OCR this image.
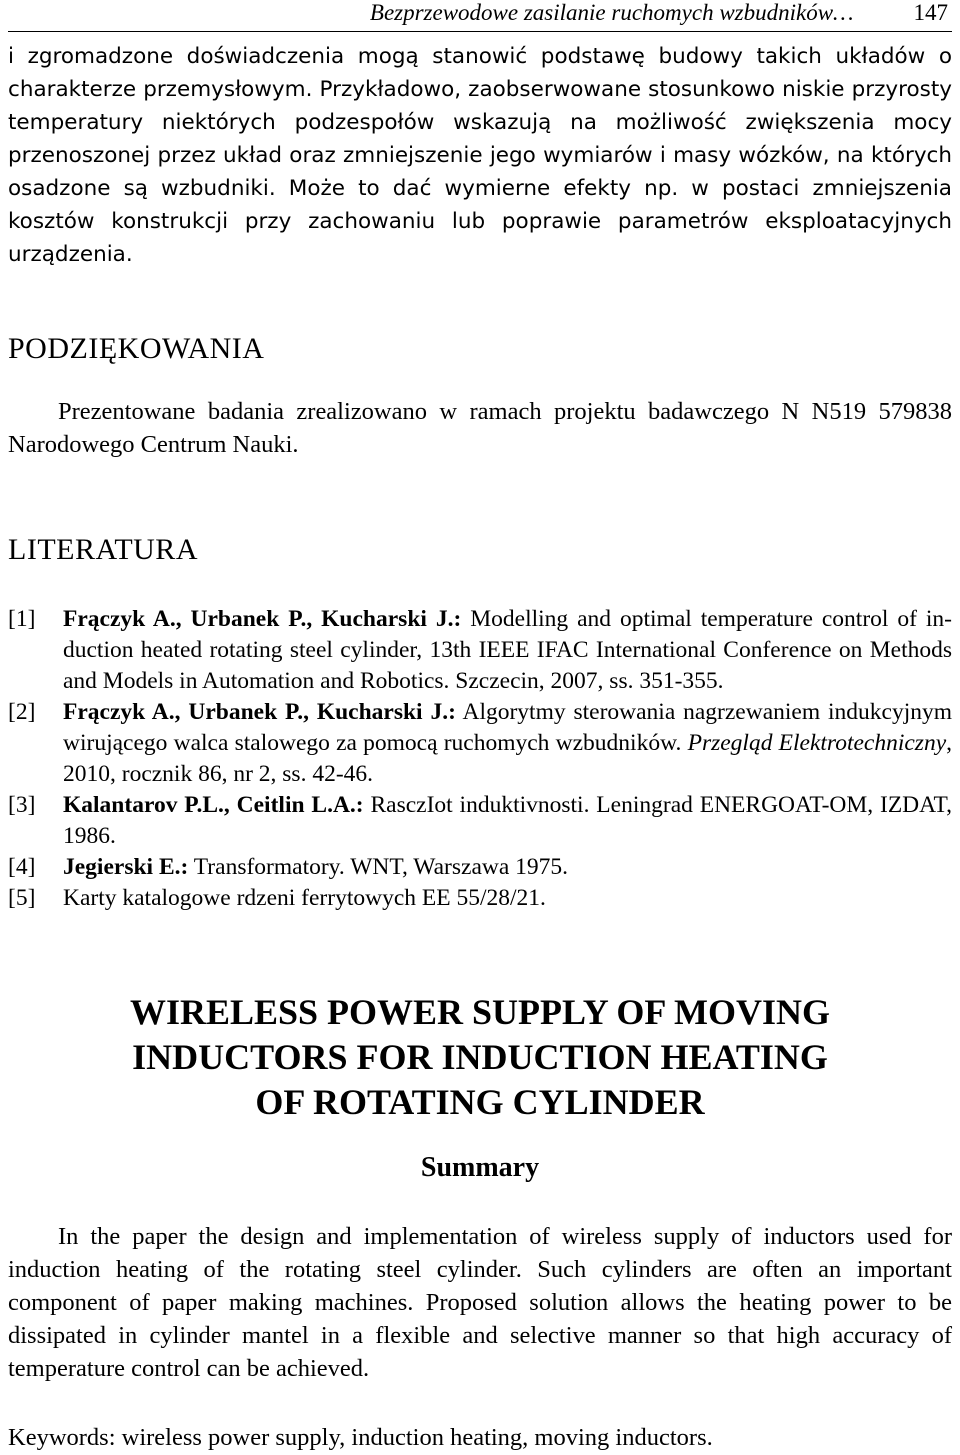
Bezprzewodowe zasilanie ruchomych wzbudników…	147

i zgromadzone doświadczenia mogą stanowić podstawę budowy takich układów o charakterze przemysłowym. Przykładowo, zaobserwowane stosunkowo niskie przyrosty temperatury niektórych podzespołów wskazują na możliwość zwiększenia mocy przenoszonej przez układ oraz zmniejszenie jego wymiarów i masy wózków, na których osadzone są wzbudniki. Może to dać wymierne efekty np. w postaci zmniejszenia kosztów konstrukcji przy zachowaniu lub poprawie parametrów eksploatacyjnych urządzenia.

PODZIĘKOWANIA

Prezentowane badania zrealizowano w ramach projektu badawczego N N519 579838 Narodowego Centrum Nauki.

LITERATURA
[1]	Frączyk A., Urbanek P., Kucharski J.: Modelling and optimal temperature control of in-duction heated rotating steel cylinder, 13th IEEE IFAC International Conference on Methods and Models in Automation and Robotics. Szczecin, 2007, ss. 351-355.
[2]	Frączyk A., Urbanek P., Kucharski J.: Algorytmy sterowania nagrzewaniem indukcyjnym wirującego walca stalowego za pomocą ruchomych wzbudników. Przegląd Elektrotechniczny, 2010, rocznik 86, nr 2, ss. 42-46.
[3]	Kalantarov P.L., Ceitlin L.A.: RasczIot induktivnosti. Leningrad ENERGOAT-OM, IZDAT, 1986.
[4]	Jegierski E.: Transformatory. WNT, Warszawa 1975.
[5]	Karty katalogowe rdzeni ferrytowych EE 55/28/21.
WIRELESS POWER SUPPLY OF MOVING
INDUCTORS FOR INDUCTION HEATING
OF ROTATING CYLINDER
Summary

In the paper the design and implementation of wireless supply of inductors used for induction heating of the rotating steel cylinder. Such cylinders are often an important component of paper making machines. Proposed solution allows the heating power to be dissipated in cylinder mantel in a flexible and selective manner so that high accuracy of temperature control can be achieved.

Keywords: wireless power supply, induction heating, moving inductors.
